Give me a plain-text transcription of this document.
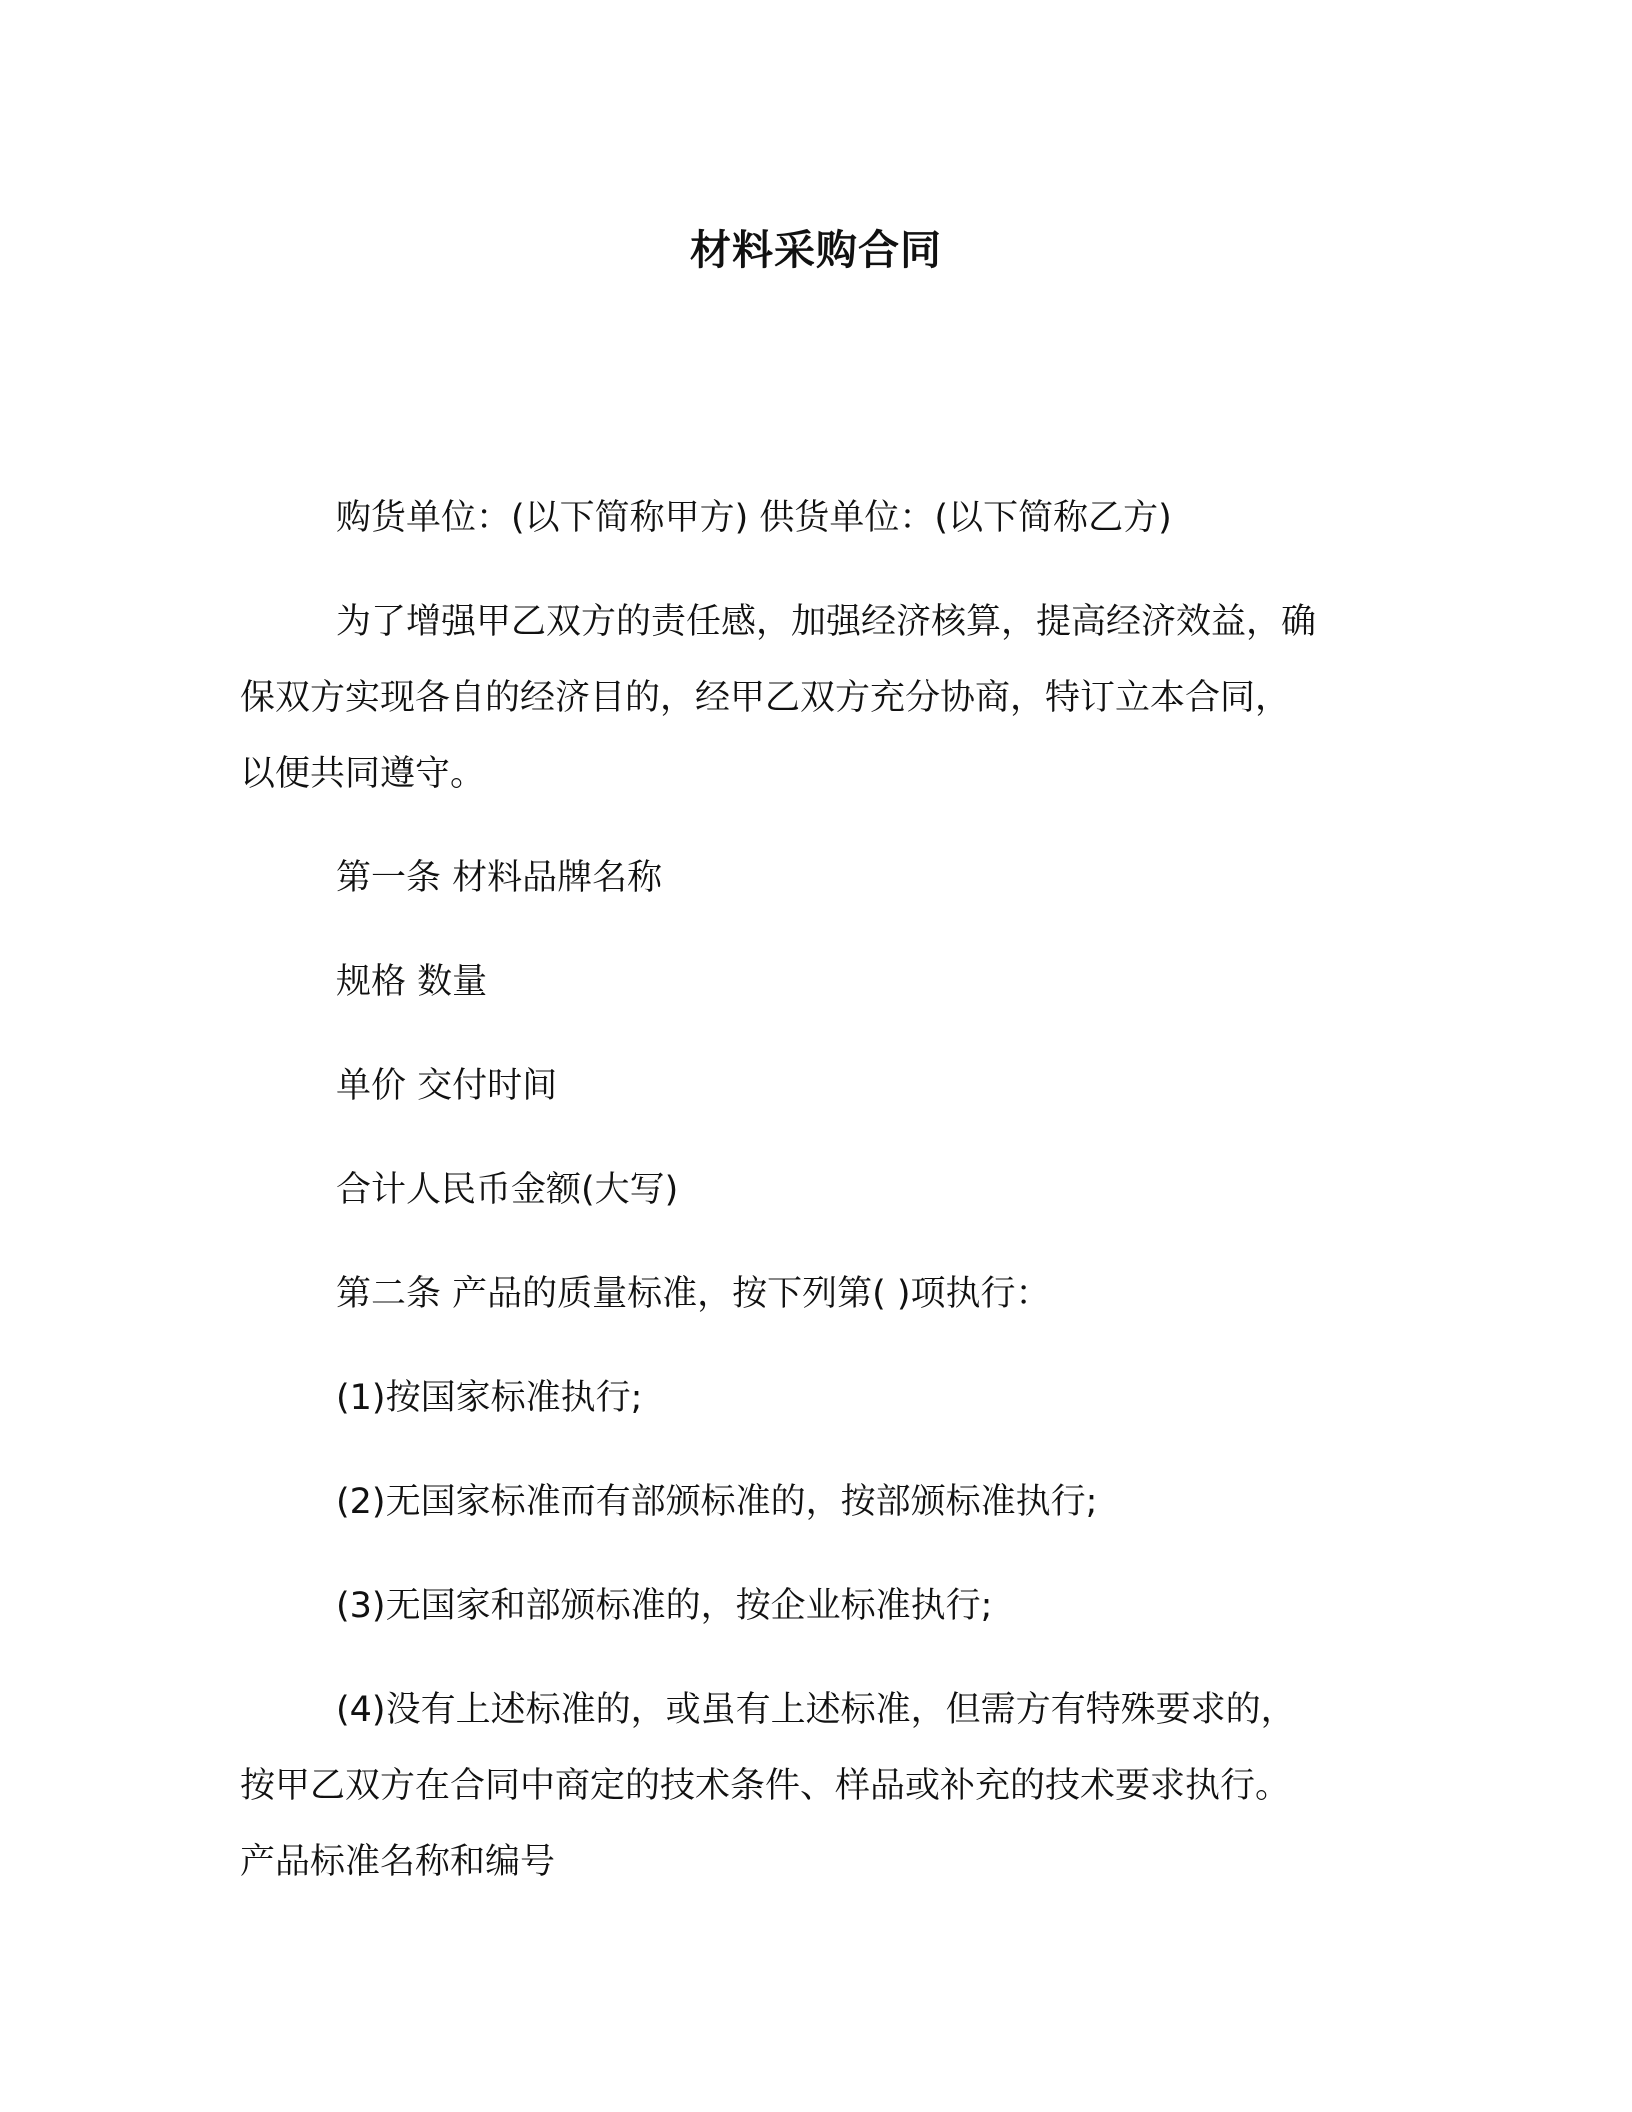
材料采购合同
购货单位：(以下简称甲方) 供货单位：(以下简称乙方)
为了增强甲乙双方的责任感，加强经济核算，提高经济效益，确
保双方实现各自的经济目的，经甲乙双方充分协商，特订立本合同，
以便共同遵守。
第一条 材料品牌名称
规格 数量
单价 交付时间
合计人民币金额(大写)
第二条 产品的质量标准，按下列第( )项执行：
(1)按国家标准执行;
(2)无国家标准而有部颁标准的，按部颁标准执行;
(3)无国家和部颁标准的，按企业标准执行;
(4)没有上述标准的，或虽有上述标准，但需方有特殊要求的，
按甲乙双方在合同中商定的技术条件、样品或补充的技术要求执行。
产品标准名称和编号
